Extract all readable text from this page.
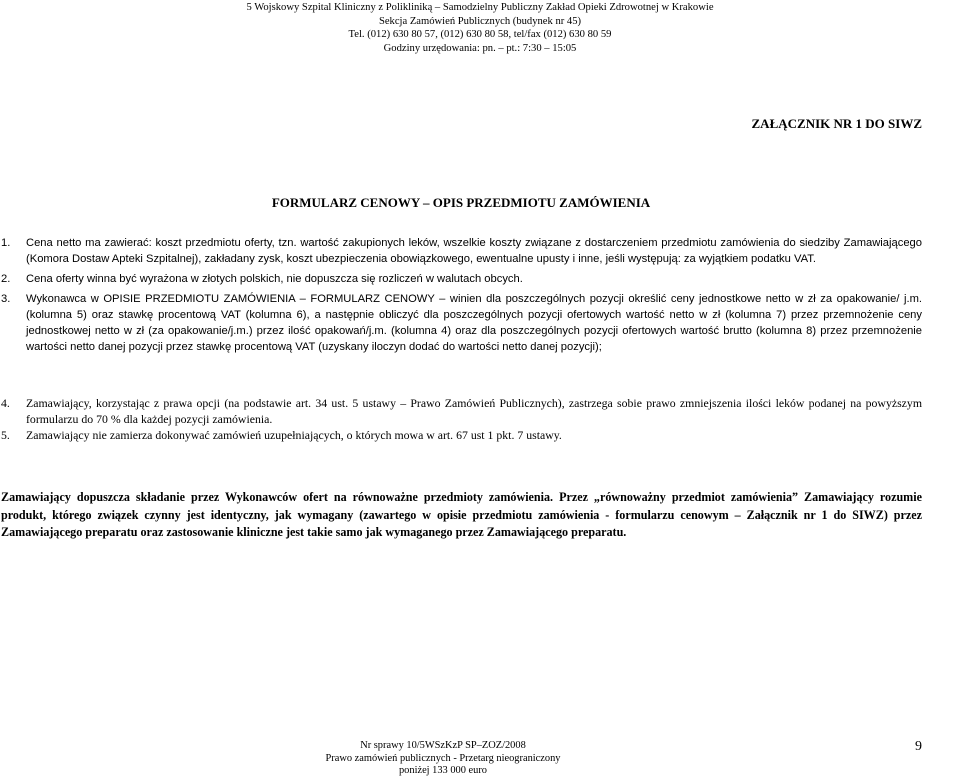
5 Wojskowy Szpital Kliniczny z Polikliniką – Samodzielny Publiczny Zakład Opieki Zdrowotnej w Krakowie
Sekcja Zamówień Publicznych (budynek nr 45)
Tel. (012) 630 80 57, (012) 630 80 58, tel/fax (012) 630 80 59
Godziny urzędowania: pn. – pt.: 7:30 – 15:05
ZAŁĄCZNIK NR 1 DO SIWZ
FORMULARZ CENOWY – OPIS PRZEDMIOTU ZAMÓWIENIA
1. Cena netto ma zawierać: koszt przedmiotu oferty, tzn. wartość zakupionych leków, wszelkie koszty związane z dostarczeniem przedmiotu zamówienia do siedziby Zamawiającego (Komora Dostaw Apteki Szpitalnej), zakładany zysk, koszt ubezpieczenia obowiązkowego, ewentualne upusty i inne, jeśli występują: za wyjątkiem podatku VAT.
2. Cena oferty winna być wyrażona w złotych polskich, nie dopuszcza się rozliczeń w walutach obcych.
3. Wykonawca w OPISIE PRZEDMIOTU ZAMÓWIENIA – FORMULARZ CENOWY – winien dla poszczególnych pozycji określić ceny jednostkowe netto w zł za opakowanie/ j.m. (kolumna 5) oraz stawkę procentową VAT (kolumna 6), a następnie obliczyć dla poszczególnych pozycji ofertowych wartość netto w zł (kolumna 7) przez przemnożenie ceny jednostkowej netto w zł (za opakowanie/j.m.) przez ilość opakowań/j.m. (kolumna 4) oraz dla poszczególnych pozycji ofertowych wartość brutto (kolumna 8) przez przemnożenie wartości netto danej pozycji przez stawkę procentową VAT (uzyskany iloczyn dodać do wartości netto danej pozycji);
4. Zamawiający, korzystając z prawa opcji (na podstawie art. 34 ust. 5 ustawy – Prawo Zamówień Publicznych), zastrzega sobie prawo zmniejszenia ilości leków podanej na powyższym formularzu do 70 % dla każdej pozycji zamówienia.
5. Zamawiający nie zamierza dokonywać zamówień uzupełniających, o których mowa w art. 67 ust 1 pkt. 7 ustawy.
Zamawiający dopuszcza składanie przez Wykonawców ofert na równoważne przedmioty zamówienia. Przez „równoważny przedmiot zamówienia” Zamawiający rozumie produkt, którego związek czynny jest identyczny, jak wymagany (zawartego w opisie przedmiotu zamówienia - formularzu cenowym – Załącznik nr 1 do SIWZ) przez Zamawiającego preparatu oraz zastosowanie kliniczne jest takie samo jak wymaganego przez Zamawiającego preparatu.
Nr sprawy 10/5WSzKzP SP–ZOZ/2008
Prawo zamówień publicznych - Przetarg nieograniczony
poniżej 133 000 euro
9
